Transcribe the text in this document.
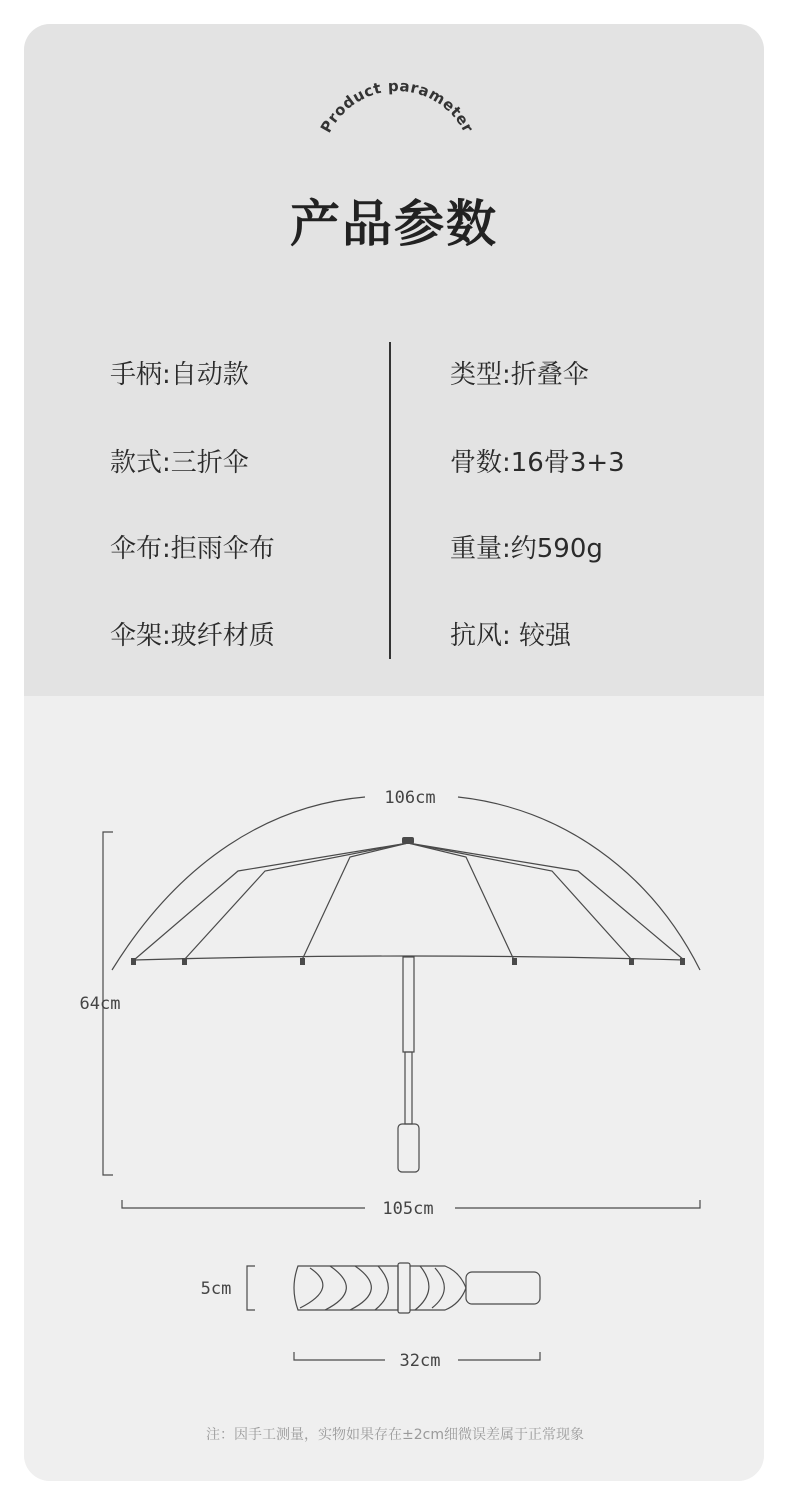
Product parameter
产品参数
手柄:自动款
款式:三折伞
伞布:拒雨伞布
伞架:玻纤材质
类型:折叠伞
骨数:16骨3+3
重量:约590g
抗风: 较强
106cm
64cm
105cm
5cm
32cm
注：因手工测量，实物如果存在±2cm细微误差属于正常现象
